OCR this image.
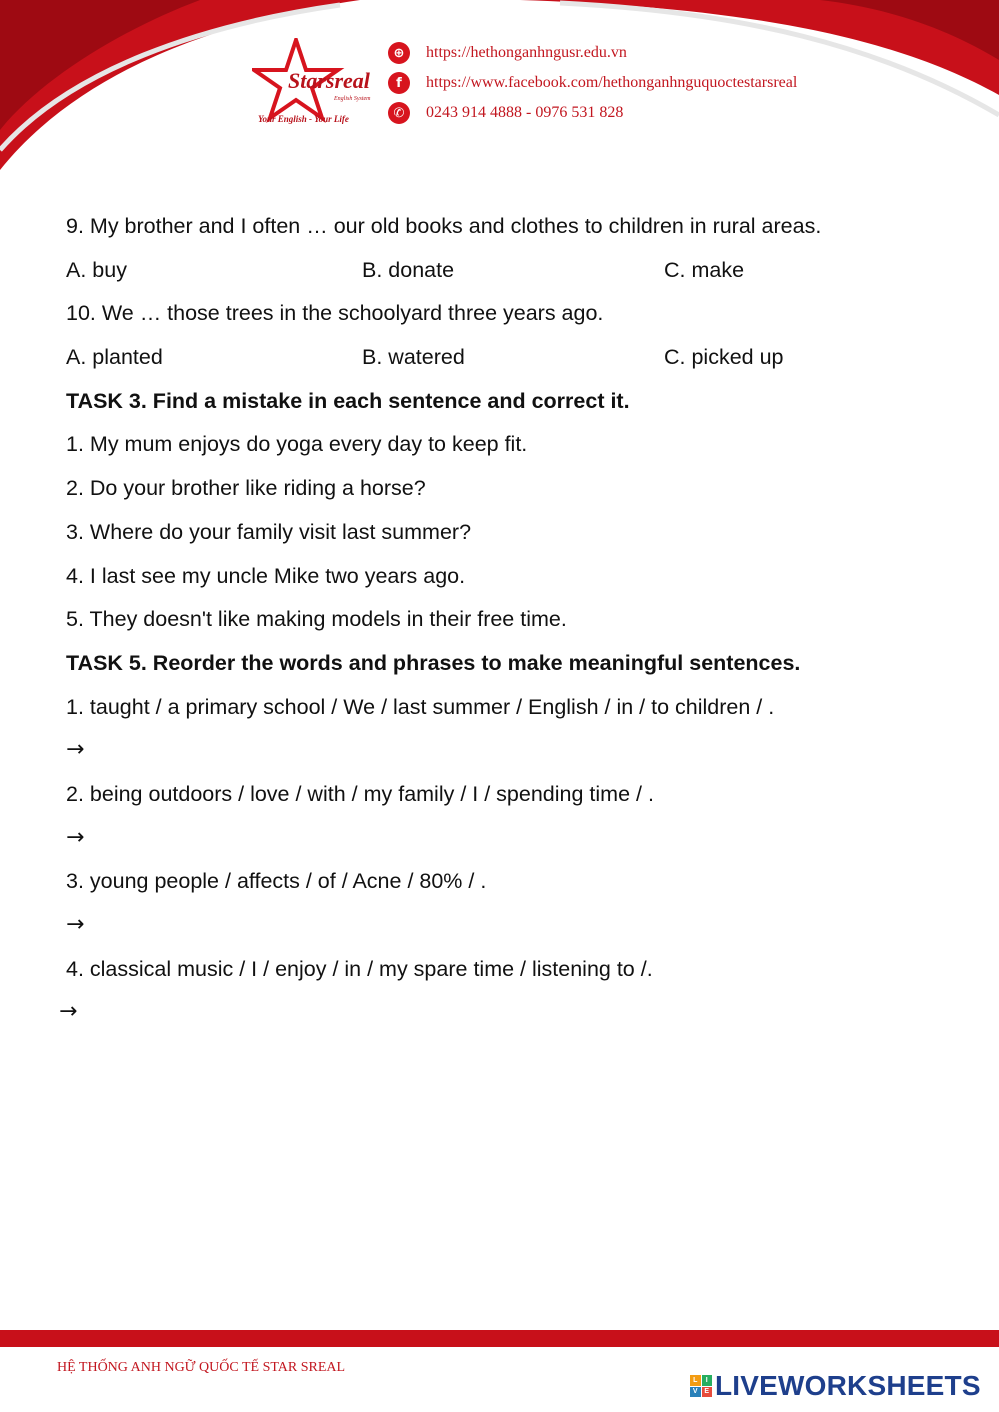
Starsreal
English System
Your English - Your Life
⊕	https://hethonganhngusr.edu.vn
f	https://www.facebook.com/hethonganhnguquoctestarsreal
✆	0243 914 4888 - 0976 531 828
9. My brother and I often … our old books and clothes to children in rural areas.
A. buy	B. donate	C. make
10. We … those trees in the schoolyard three years ago.
A. planted	B. watered	C. picked up
TASK 3. Find a mistake in each sentence and correct it.
1. My mum enjoys do yoga every day to keep fit.
2. Do your brother like riding a horse?
3. Where do your family visit last summer?
4. I last see my uncle Mike two years ago.
5. They doesn't like making models in their free time.
TASK 5. Reorder the words and phrases to make meaningful sentences.
1. taught / a primary school / We / last summer / English / in / to children / .
→
2. being outdoors / love / with / my family / I / spending time / .
→
3. young people / affects / of / Acne / 80% / .
→
4. classical music / I / enjoy / in / my spare time / listening to /.
→
HỆ THỐNG ANH NGỮ QUỐC TẾ STAR SREAL
L	I
V E LIVEWORKSHEETS
